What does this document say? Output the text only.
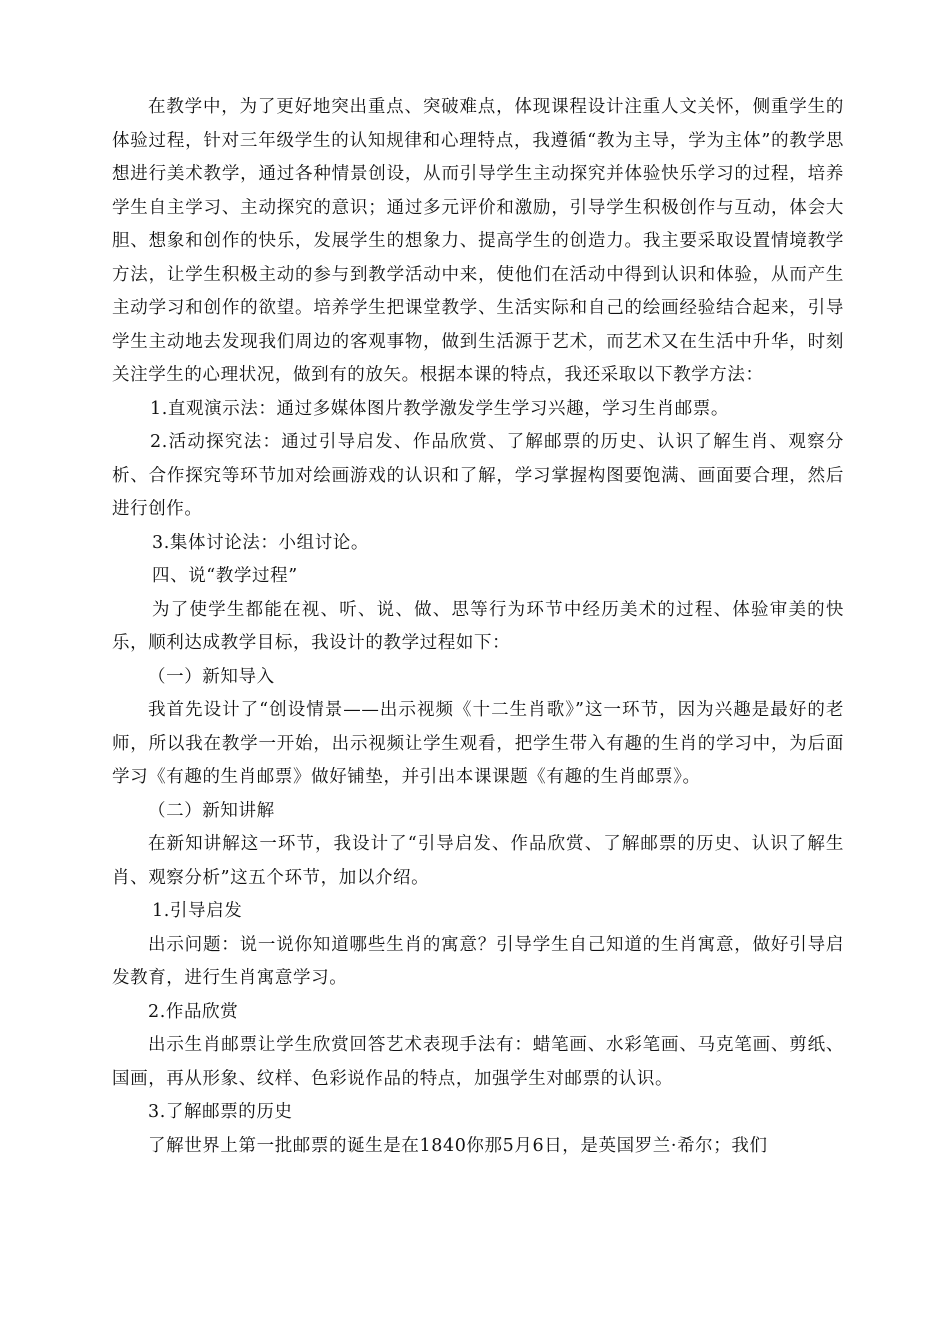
在教学中，为了更好地突出重点、突破难点，体现课程设计注重人文关怀，侧重学生的体验过程，针对三年级学生的认知规律和心理特点，我遵循“教为主导，学为主体”的教学思想进行美术教学，通过各种情景创设，从而引导学生主动探究并体验快乐学习的过程，培养学生自主学习、主动探究的意识；通过多元评价和激励，引导学生积极创作与互动，体会大胆、想象和创作的快乐，发展学生的想象力、提高学生的创造力。我主要采取设置情境教学方法，让学生积极主动的参与到教学活动中来，使他们在活动中得到认识和体验，从而产生主动学习和创作的欲望。培养学生把课堂教学、生活实际和自己的绘画经验结合起来，引导学生主动地去发现我们周边的客观事物，做到生活源于艺术，而艺术又在生活中升华，时刻关注学生的心理状况，做到有的放矢。根据本课的特点，我还采取以下教学方法：

1.直观演示法：通过多媒体图片教学激发学生学习兴趣，学习生肖邮票。

2.活动探究法：通过引导启发、作品欣赏、了解邮票的历史、认识了解生肖、观察分析、合作探究等环节加对绘画游戏的认识和了解，学习掌握构图要饱满、画面要合理，然后进行创作。

3.集体讨论法：小组讨论。

四、说“教学过程”

为了使学生都能在视、听、说、做、思等行为环节中经历美术的过程、体验审美的快乐，顺利达成教学目标，我设计的教学过程如下：

（一）新知导入

我首先设计了“创设情景——出示视频《十二生肖歌》”这一环节，因为兴趣是最好的老师，所以我在教学一开始，出示视频让学生观看，把学生带入有趣的生肖的学习中，为后面学习《有趣的生肖邮票》做好铺垫，并引出本课课题《有趣的生肖邮票》。

（二）新知讲解

在新知讲解这一环节，我设计了“引导启发、作品欣赏、了解邮票的历史、认识了解生肖、观察分析”这五个环节，加以介绍。

1.引导启发

出示问题：说一说你知道哪些生肖的寓意？引导学生自己知道的生肖寓意，做好引导启发教育，进行生肖寓意学习。

2.作品欣赏

出示生肖邮票让学生欣赏回答艺术表现手法有：蜡笔画、水彩笔画、马克笔画、剪纸、国画，再从形象、纹样、色彩说作品的特点，加强学生对邮票的认识。

3.了解邮票的历史

了解世界上第一批邮票的诞生是在1840你那5月6日，是英国罗兰·希尔；我们
